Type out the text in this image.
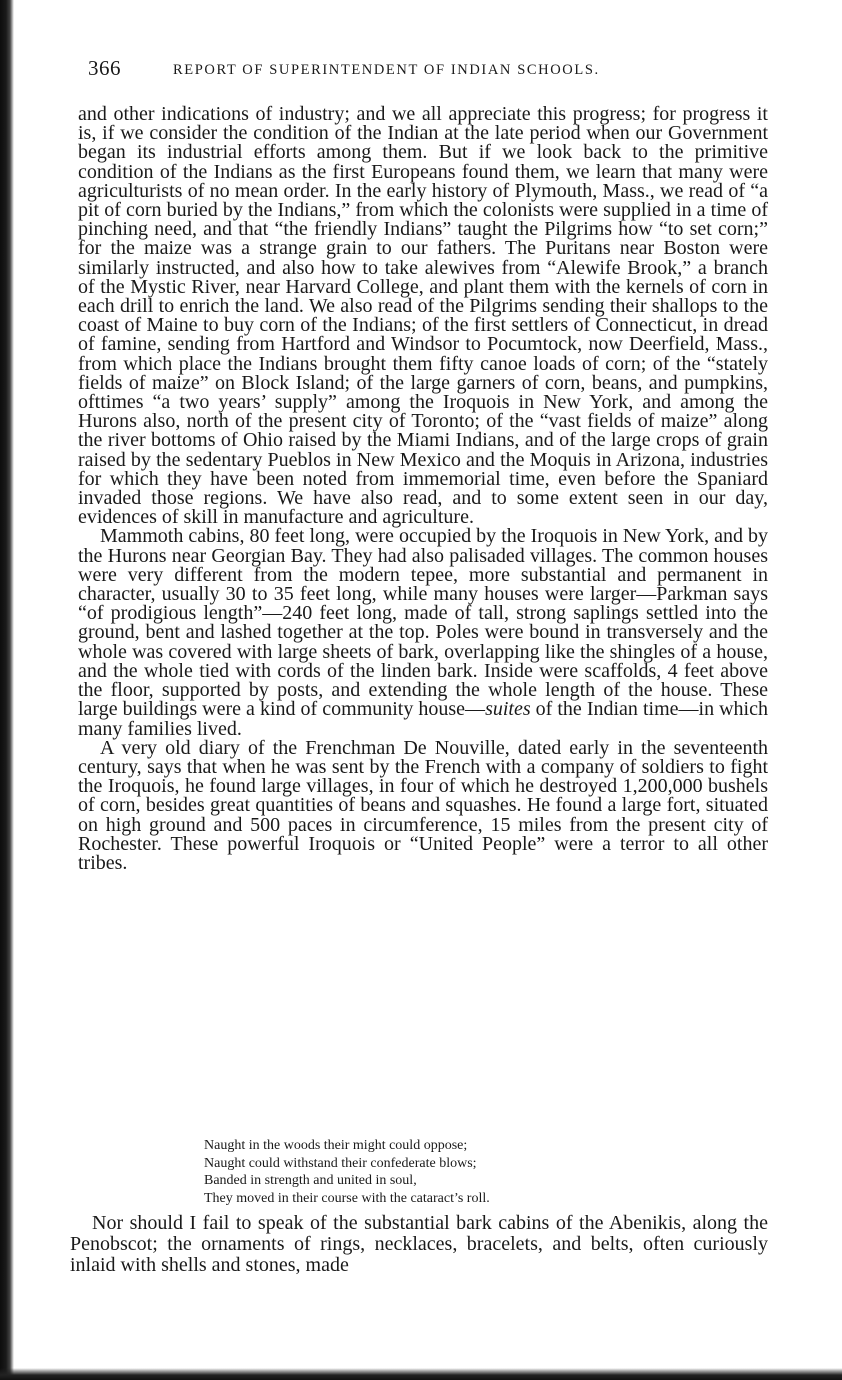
366	REPORT OF SUPERINTENDENT OF INDIAN SCHOOLS.

and other indications of industry; and we all appreciate this progress; for progress it is, if we consider the condition of the Indian at the late period when our Government began its industrial efforts among them. But if we look back to the primitive condition of the Indians as the first Europeans found them, we learn that many were agriculturists of no mean order. In the early history of Plymouth, Mass., we read of “a pit of corn buried by the Indians,” from which the colonists were supplied in a time of pinching need, and that “the friendly Indians” taught the Pilgrims how “to set corn;” for the maize was a strange grain to our fathers. The Puritans near Boston were similarly instructed, and also how to take alewives from “Alewife Brook,” a branch of the Mystic River, near Harvard College, and plant them with the kernels of corn in each drill to enrich the land. We also read of the Pilgrims sending their shallops to the coast of Maine to buy corn of the Indians; of the first settlers of Connecticut, in dread of famine, sending from Hartford and Windsor to Pocumtock, now Deerfield, Mass., from which place the Indians brought them fifty canoe loads of corn; of the “stately fields of maize” on Block Island; of the large garners of corn, beans, and pumpkins, ofttimes “a two years’ supply” among the Iroquois in New York, and among the Hurons also, north of the present city of Toronto; of the “vast fields of maize” along the river bottoms of Ohio raised by the Miami Indians, and of the large crops of grain raised by the sedentary Pueblos in New Mexico and the Moquis in Arizona, industries for which they have been noted from immemorial time, even before the Spaniard invaded those regions. We have also read, and to some extent seen in our day, evidences of skill in manufacture and agriculture.

Mammoth cabins, 80 feet long, were occupied by the Iroquois in New York, and by the Hurons near Georgian Bay. They had also palisaded villages. The common houses were very different from the modern tepee, more substantial and permanent in character, usually 30 to 35 feet long, while many houses were larger—Parkman says “of prodigious length”—240 feet long, made of tall, strong saplings settled into the ground, bent and lashed together at the top. Poles were bound in transversely and the whole was covered with large sheets of bark, overlapping like the shingles of a house, and the whole tied with cords of the linden bark. Inside were scaffolds, 4 feet above the floor, supported by posts, and extending the whole length of the house. These large buildings were a kind of community house—suites of the Indian time—in which many families lived.

A very old diary of the Frenchman De Nouville, dated early in the seventeenth century, says that when he was sent by the French with a company of soldiers to fight the Iroquois, he found large villages, in four of which he destroyed 1,200,000 bushels of corn, besides great quantities of beans and squashes. He found a large fort, situated on high ground and 500 paces in circumference, 15 miles from the present city of Rochester. These powerful Iroquois or “United People” were a terror to all other tribes.

Naught in the woods their might could oppose;
Naught could withstand their confederate blows;
Banded in strength and united in soul,
They moved in their course with the cataract’s roll.

Nor should I fail to speak of the substantial bark cabins of the Abenikis, along the Penobscot; the ornaments of rings, necklaces, bracelets, and belts, often curiously inlaid with shells and stones, made
